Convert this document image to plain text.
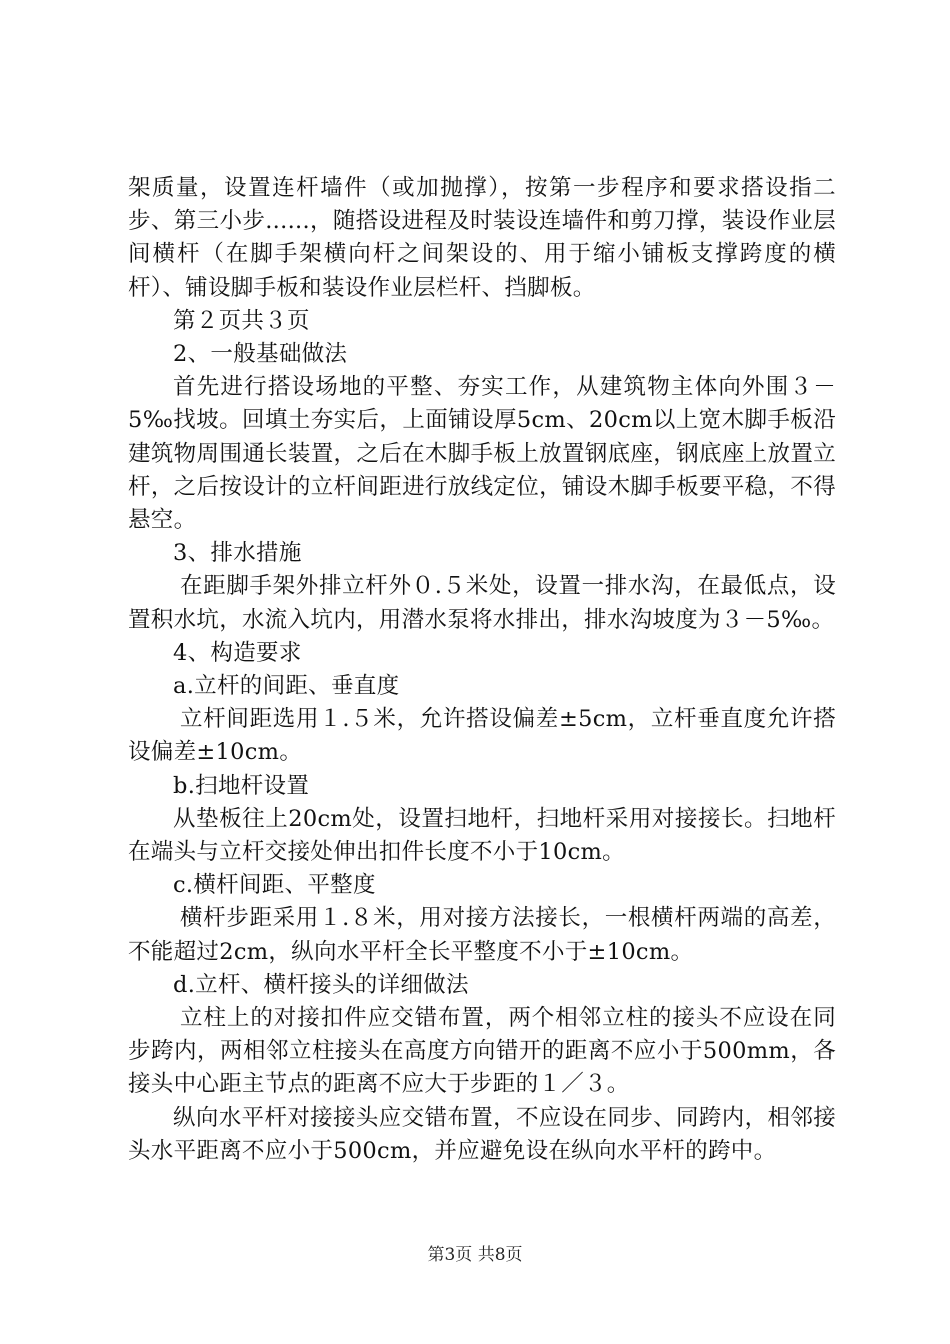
架质量，设置连杆墙件（或加抛撑），按第一步程序和要求搭设指二步、第三小步......，随搭设进程及时装设连墙件和剪刀撑，装设作业层间横杆（在脚手架横向杆之间架设的、用于缩小铺板支撑跨度的横杆）、铺设脚手板和装设作业层栏杆、挡脚板。

第２页共３页

2、一般基础做法

首先进行搭设场地的平整、夯实工作，从建筑物主体向外围３－5‰找坡。回填土夯实后，上面铺设厚5cm、20cm以上宽木脚手板沿建筑物周围通长装置，之后在木脚手板上放置钢底座，钢底座上放置立杆，之后按设计的立杆间距进行放线定位，铺设木脚手板要平稳，不得悬空。

3、排水措施

在距脚手架外排立杆外０.５米处，设置一排水沟，在最低点，设置积水坑，水流入坑内，用潜水泵将水排出，排水沟坡度为３－5‰。

4、构造要求

a.立杆的间距、垂直度

立杆间距选用１.５米，允许搭设偏差±5cm，立杆垂直度允许搭设偏差±10cm。

b.扫地杆设置

从垫板往上20cm处，设置扫地杆，扫地杆采用对接接长。扫地杆在端头与立杆交接处伸出扣件长度不小于10cm。

c.横杆间距、平整度

横杆步距采用１.８米，用对接方法接长，一根横杆两端的高差，不能超过2cm，纵向水平杆全长平整度不小于±10cm。

d.立杆、横杆接头的详细做法

立柱上的对接扣件应交错布置，两个相邻立柱的接头不应设在同步跨内，两相邻立柱接头在高度方向错开的距离不应小于500mm，各接头中心距主节点的距离不应大于步距的１／３。

纵向水平杆对接接头应交错布置，不应设在同步、同跨内，相邻接头水平距离不应小于500cm，并应避免设在纵向水平杆的跨中。

第3页 共8页
